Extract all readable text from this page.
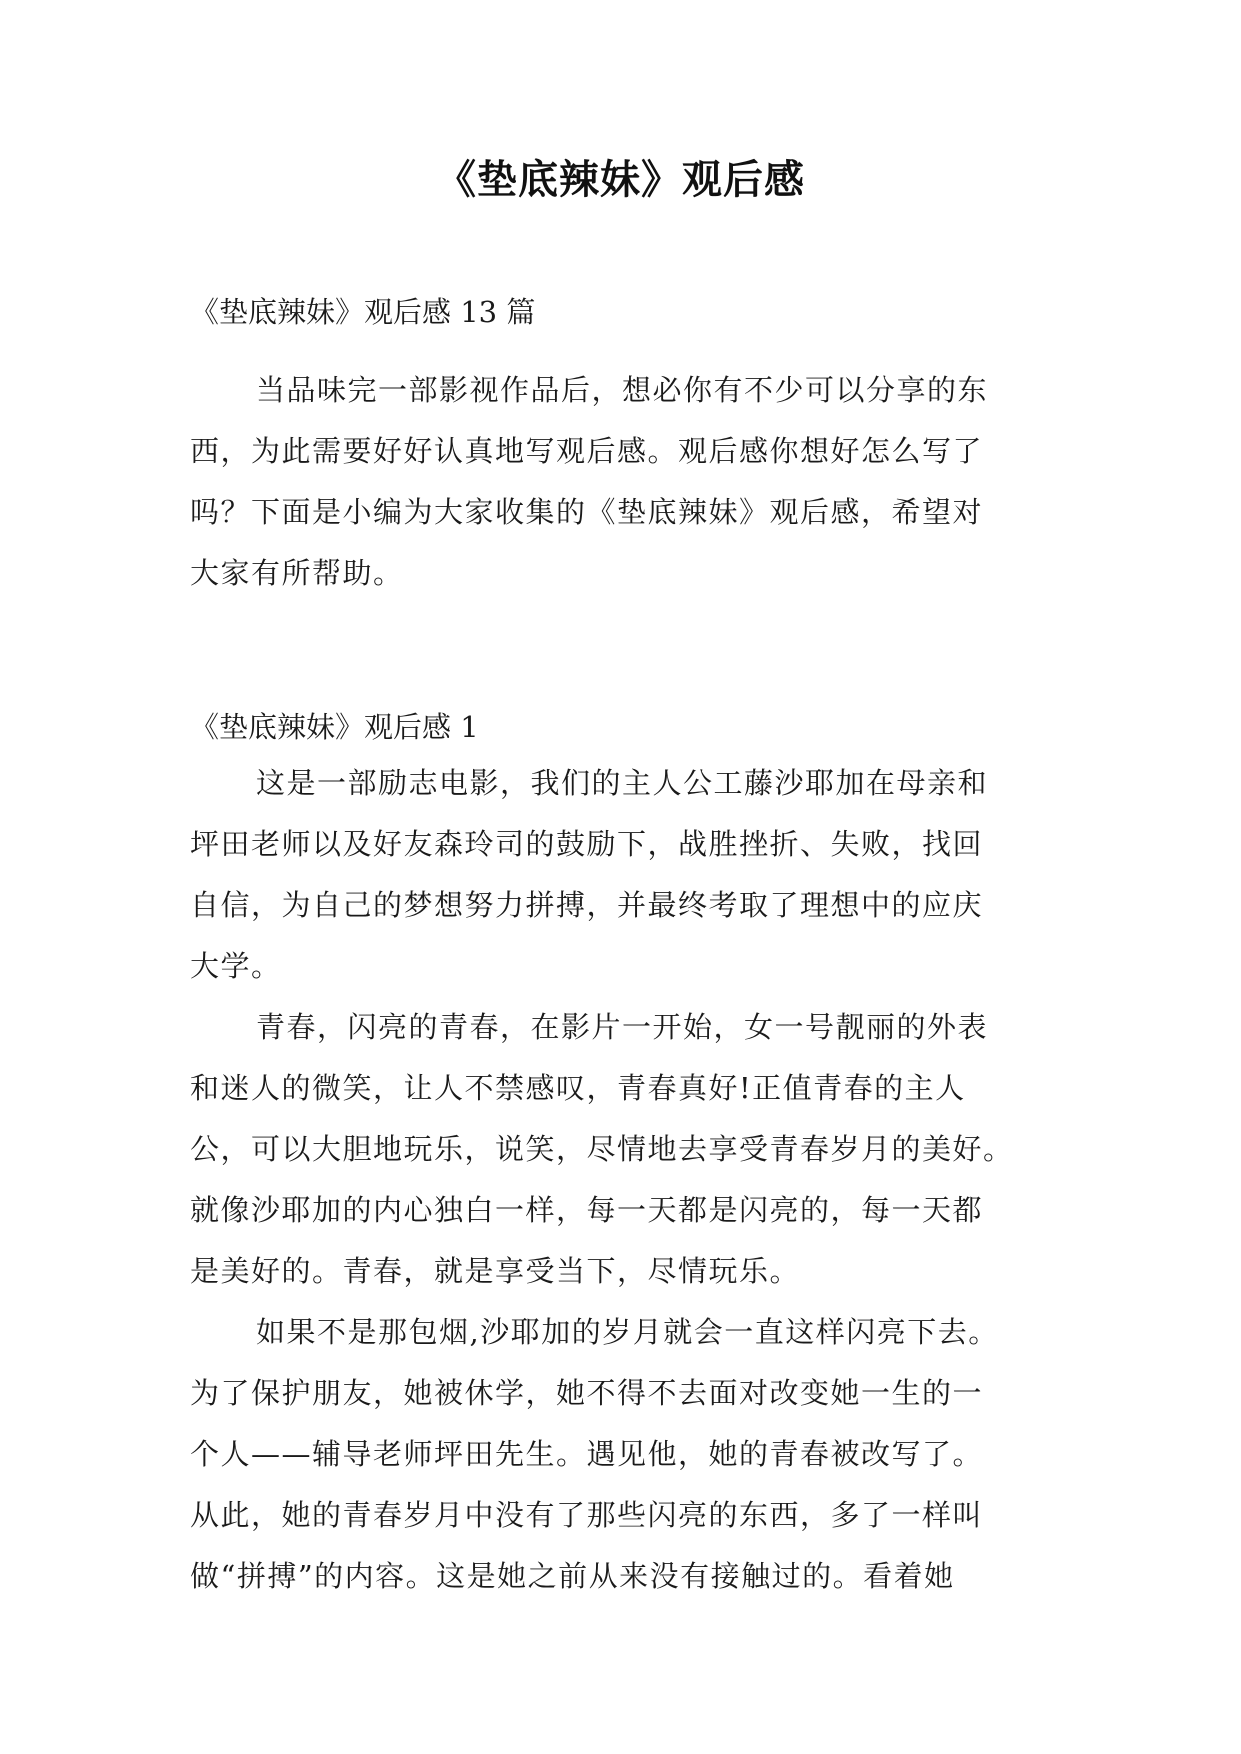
《垫底辣妹》观后感
《垫底辣妹》观后感 13 篇
当品味完一部影视作品后，想必你有不少可以分享的东
西，为此需要好好认真地写观后感。观后感你想好怎么写了
吗？下面是小编为大家收集的《垫底辣妹》观后感，希望对
大家有所帮助。
《垫底辣妹》观后感 1
这是一部励志电影，我们的主人公工藤沙耶加在母亲和
坪田老师以及好友森玲司的鼓励下，战胜挫折、失败，找回
自信，为自己的梦想努力拼搏，并最终考取了理想中的应庆
大学。
青春，闪亮的青春，在影片一开始，女一号靓丽的外表
和迷人的微笑，让人不禁感叹，青春真好!正值青春的主人
公，可以大胆地玩乐，说笑，尽情地去享受青春岁月的美好。
就像沙耶加的内心独白一样，每一天都是闪亮的，每一天都
是美好的。青春，就是享受当下，尽情玩乐。
如果不是那包烟,沙耶加的岁月就会一直这样闪亮下去。
为了保护朋友，她被休学，她不得不去面对改变她一生的一
个人——辅导老师坪田先生。遇见他，她的青春被改写了。
从此，她的青春岁月中没有了那些闪亮的东西，多了一样叫
做“拼搏”的内容。这是她之前从来没有接触过的。看着她
